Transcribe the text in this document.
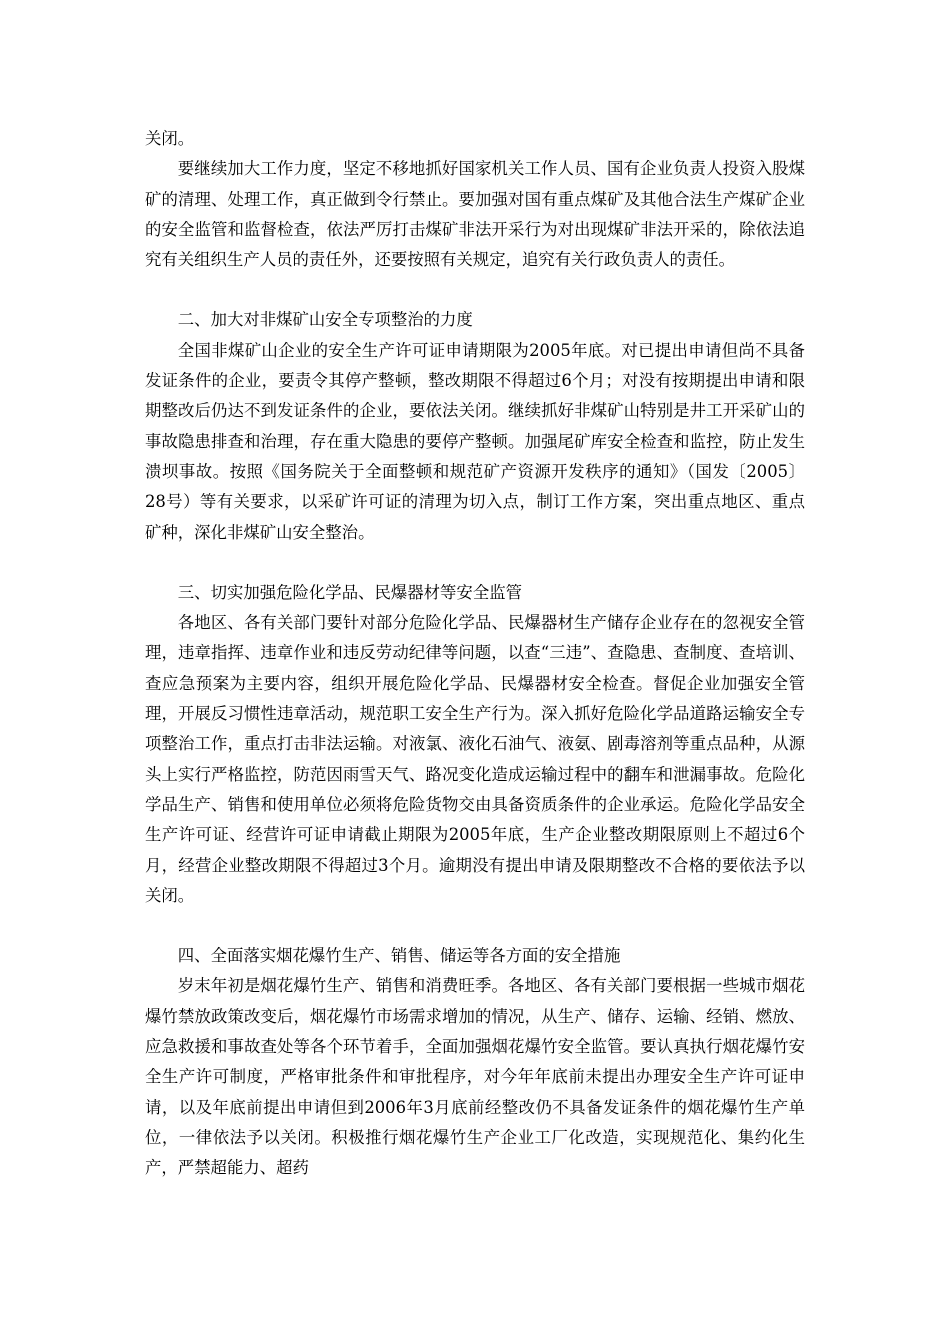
关闭。

要继续加大工作力度，坚定不移地抓好国家机关工作人员、国有企业负责人投资入股煤矿的清理、处理工作，真正做到令行禁止。要加强对国有重点煤矿及其他合法生产煤矿企业的安全监管和监督检查，依法严厉打击煤矿非法开采行为对出现煤矿非法开采的，除依法追究有关组织生产人员的责任外，还要按照有关规定，追究有关行政负责人的责任。

二、加大对非煤矿山安全专项整治的力度

全国非煤矿山企业的安全生产许可证申请期限为2005年底。对已提出申请但尚不具备发证条件的企业，要责令其停产整顿，整改期限不得超过6个月；对没有按期提出申请和限期整改后仍达不到发证条件的企业，要依法关闭。继续抓好非煤矿山特别是井工开采矿山的事故隐患排查和治理，存在重大隐患的要停产整顿。加强尾矿库安全检查和监控，防止发生溃坝事故。按照《国务院关于全面整顿和规范矿产资源开发秩序的通知》（国发〔2005〕28号）等有关要求，以采矿许可证的清理为切入点，制订工作方案，突出重点地区、重点矿种，深化非煤矿山安全整治。

三、切实加强危险化学品、民爆器材等安全监管

各地区、各有关部门要针对部分危险化学品、民爆器材生产储存企业存在的忽视安全管理，违章指挥、违章作业和违反劳动纪律等问题，以查“三违”、查隐患、查制度、查培训、查应急预案为主要内容，组织开展危险化学品、民爆器材安全检查。督促企业加强安全管理，开展反习惯性违章活动，规范职工安全生产行为。深入抓好危险化学品道路运输安全专项整治工作，重点打击非法运输。对液氯、液化石油气、液氨、剧毒溶剂等重点品种，从源头上实行严格监控，防范因雨雪天气、路况变化造成运输过程中的翻车和泄漏事故。危险化学品生产、销售和使用单位必须将危险货物交由具备资质条件的企业承运。危险化学品安全生产许可证、经营许可证申请截止期限为2005年底，生产企业整改期限原则上不超过6个月，经营企业整改期限不得超过3个月。逾期没有提出申请及限期整改不合格的要依法予以关闭。

四、全面落实烟花爆竹生产、销售、储运等各方面的安全措施

岁末年初是烟花爆竹生产、销售和消费旺季。各地区、各有关部门要根据一些城市烟花爆竹禁放政策改变后，烟花爆竹市场需求增加的情况，从生产、储存、运输、经销、燃放、应急救援和事故查处等各个环节着手，全面加强烟花爆竹安全监管。要认真执行烟花爆竹安全生产许可制度，严格审批条件和审批程序，对今年年底前未提出办理安全生产许可证申请，以及年底前提出申请但到2006年3月底前经整改仍不具备发证条件的烟花爆竹生产单位，一律依法予以关闭。积极推行烟花爆竹生产企业工厂化改造，实现规范化、集约化生产，严禁超能力、超药
